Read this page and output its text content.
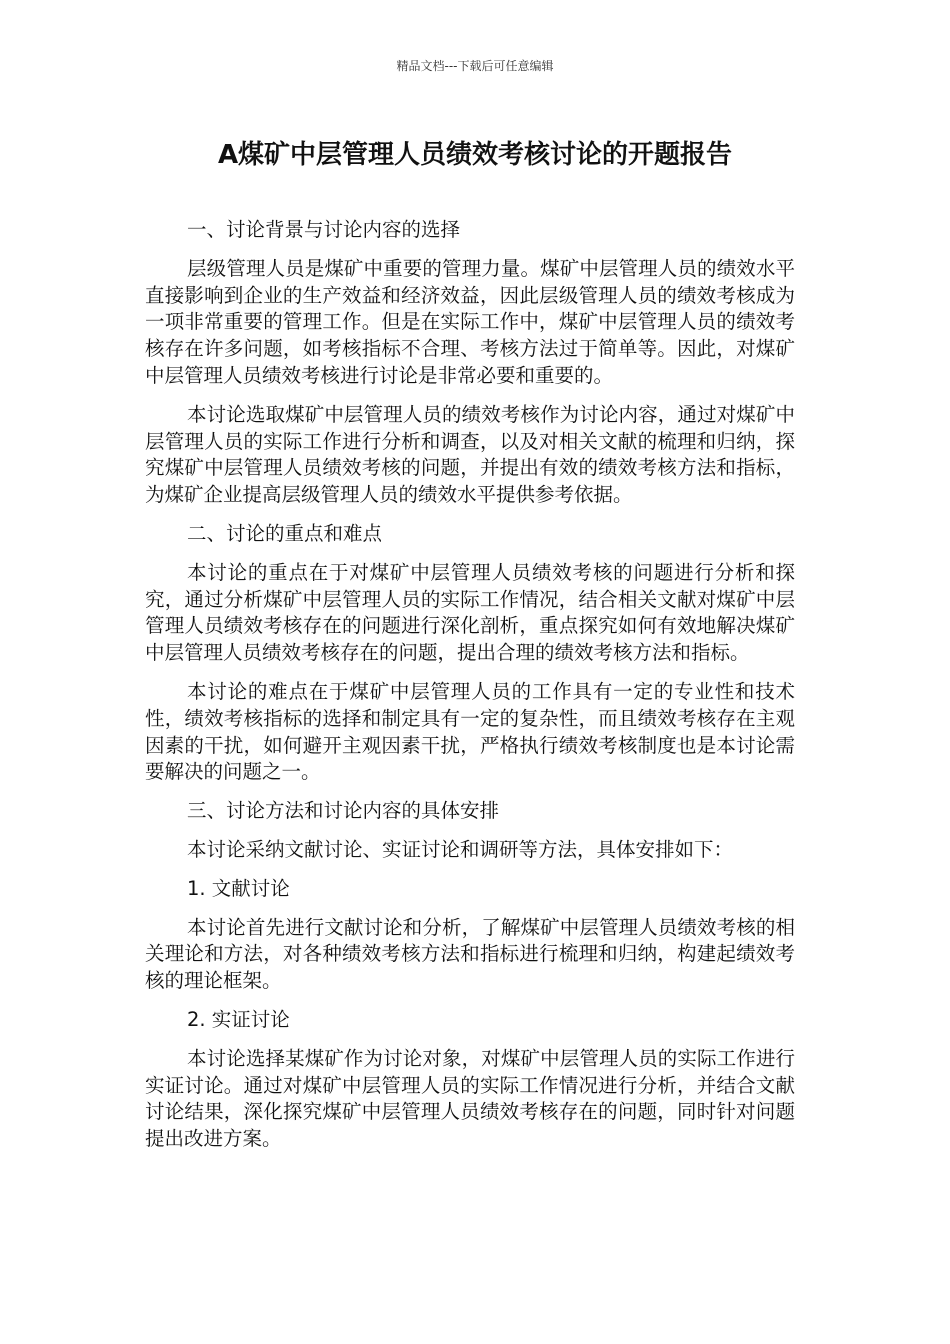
精品文档---下载后可任意编辑
A煤矿中层管理人员绩效考核讨论的开题报告
一、讨论背景与讨论内容的选择

层级管理人员是煤矿中重要的管理力量。煤矿中层管理人员的绩效水平直接影响到企业的生产效益和经济效益，因此层级管理人员的绩效考核成为一项非常重要的管理工作。但是在实际工作中，煤矿中层管理人员的绩效考核存在许多问题，如考核指标不合理、考核方法过于简单等。因此，对煤矿中层管理人员绩效考核进行讨论是非常必要和重要的。

本讨论选取煤矿中层管理人员的绩效考核作为讨论内容，通过对煤矿中层管理人员的实际工作进行分析和调查，以及对相关文献的梳理和归纳，探究煤矿中层管理人员绩效考核的问题，并提出有效的绩效考核方法和指标，为煤矿企业提高层级管理人员的绩效水平提供参考依据。

二、讨论的重点和难点

本讨论的重点在于对煤矿中层管理人员绩效考核的问题进行分析和探究，通过分析煤矿中层管理人员的实际工作情况，结合相关文献对煤矿中层管理人员绩效考核存在的问题进行深化剖析，重点探究如何有效地解决煤矿中层管理人员绩效考核存在的问题，提出合理的绩效考核方法和指标。

本讨论的难点在于煤矿中层管理人员的工作具有一定的专业性和技术性，绩效考核指标的选择和制定具有一定的复杂性，而且绩效考核存在主观因素的干扰，如何避开主观因素干扰，严格执行绩效考核制度也是本讨论需要解决的问题之一。

三、讨论方法和讨论内容的具体安排
本讨论采纳文献讨论、实证讨论和调研等方法，具体安排如下：
1. 文献讨论

本讨论首先进行文献讨论和分析，了解煤矿中层管理人员绩效考核的相关理论和方法，对各种绩效考核方法和指标进行梳理和归纳，构建起绩效考核的理论框架。

2. 实证讨论

本讨论选择某煤矿作为讨论对象，对煤矿中层管理人员的实际工作进行实证讨论。通过对煤矿中层管理人员的实际工作情况进行分析，并结合文献讨论结果，深化探究煤矿中层管理人员绩效考核存在的问题，同时针对问题提出改进方案。
